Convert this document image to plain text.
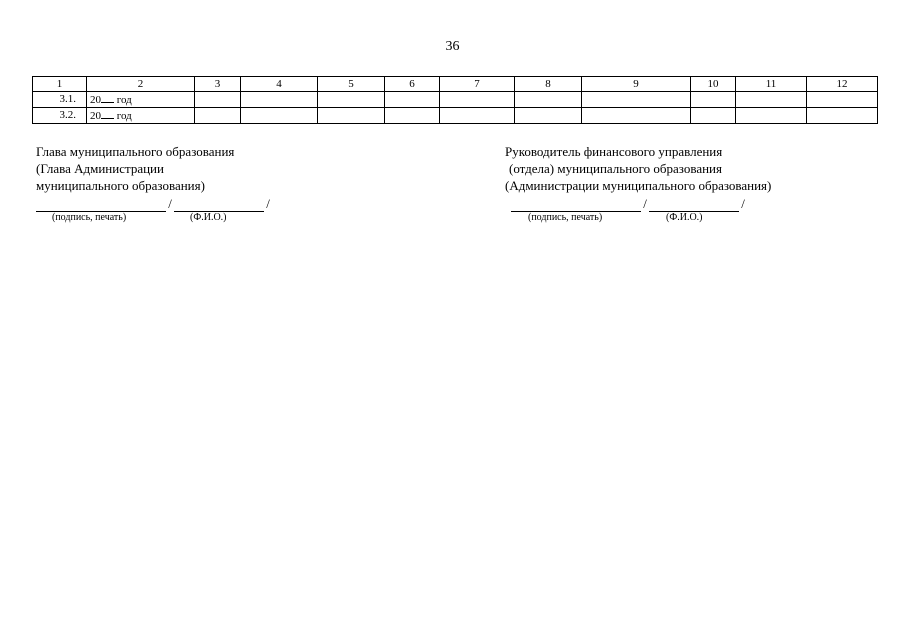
36
1	2	3	4	5	6	7	8	9	10	11	12
3.1.	20 год										
3.2.	20 год										
Глава муниципального образования
(Глава Администрации
муниципального образования)
/	/
(подпись, печать)	(Ф.И.О.)
Руководитель финансового управления
(отдела) муниципального образования
(Администрации муниципального образования)
/	/
(подпись, печать)	(Ф.И.О.)
